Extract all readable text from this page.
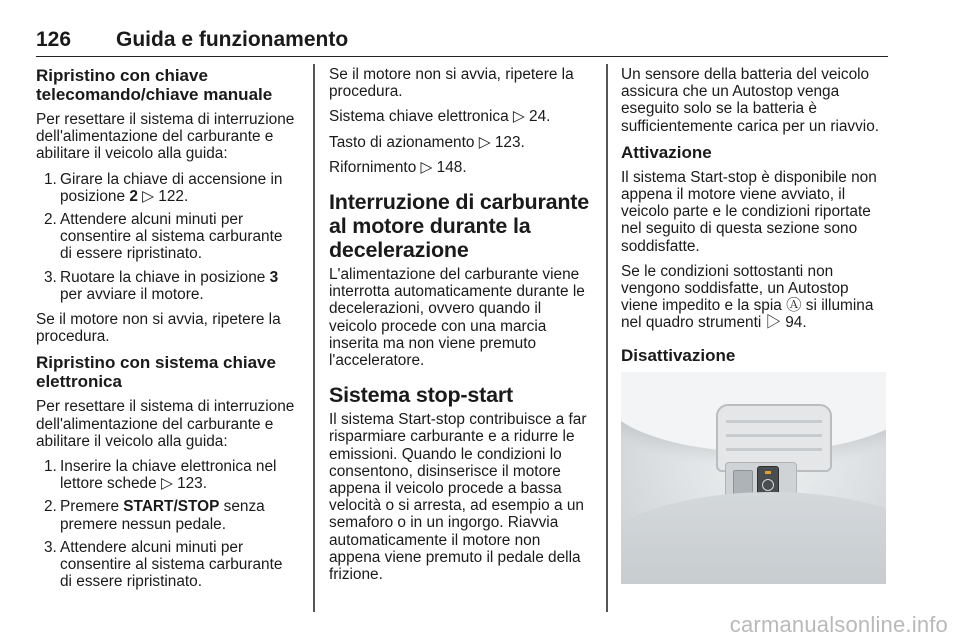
126 Guida e funzionamento
Ripristino con chiave telecomando/chiave manuale

Per resettare il sistema di interruzione dell'alimentazione del carburante e abilitare il veicolo alla guida:

1. Girare la chiave di accensione in posizione 2 ▷ 122.
2. Attendere alcuni minuti per consentire al sistema carburante di essere ripristinato.
3. Ruotare la chiave in posizione 3 per avviare il motore.

Se il motore non si avvia, ripetere la procedura.

Ripristino con sistema chiave elettronica

Per resettare il sistema di interruzione dell'alimentazione del carburante e abilitare il veicolo alla guida:

1. Inserire la chiave elettronica nel lettore schede ▷ 123.
2. Premere START/STOP senza premere nessun pedale.
3. Attendere alcuni minuti per consentire al sistema carburante di essere ripristinato.

Se il motore non si avvia, ripetere la procedura.

Sistema chiave elettronica ▷ 24.

Tasto di azionamento ▷ 123.

Rifornimento ▷ 148.

Interruzione di carburante al motore durante la decelerazione

L'alimentazione del carburante viene interrotta automaticamente durante le decelerazioni, ovvero quando il veicolo procede con una marcia inserita ma non viene premuto l'acceleratore.

Sistema stop-start

Il sistema Start-stop contribuisce a far risparmiare carburante e a ridurre le emissioni. Quando le condizioni lo consentono, disinserisce il motore appena il veicolo procede a bassa velocità o si arresta, ad esempio a un semaforo o in un ingorgo. Riavvia automaticamente il motore non appena viene premuto il pedale della frizione.

Un sensore della batteria del veicolo assicura che un Autostop venga eseguito solo se la batteria è sufficientemente carica per un riavvio.

Attivazione

Il sistema Start-stop è disponibile non appena il motore viene avviato, il veicolo parte e le condizioni riportate nel seguito di questa sezione sono soddisfatte.

Se le condizioni sottostanti non vengono soddisfatte, un Autostop viene impedito e la spia Ⓐ si illumina nel quadro strumenti ▷ 94.

Disattivazione
carmanualsonline.info
